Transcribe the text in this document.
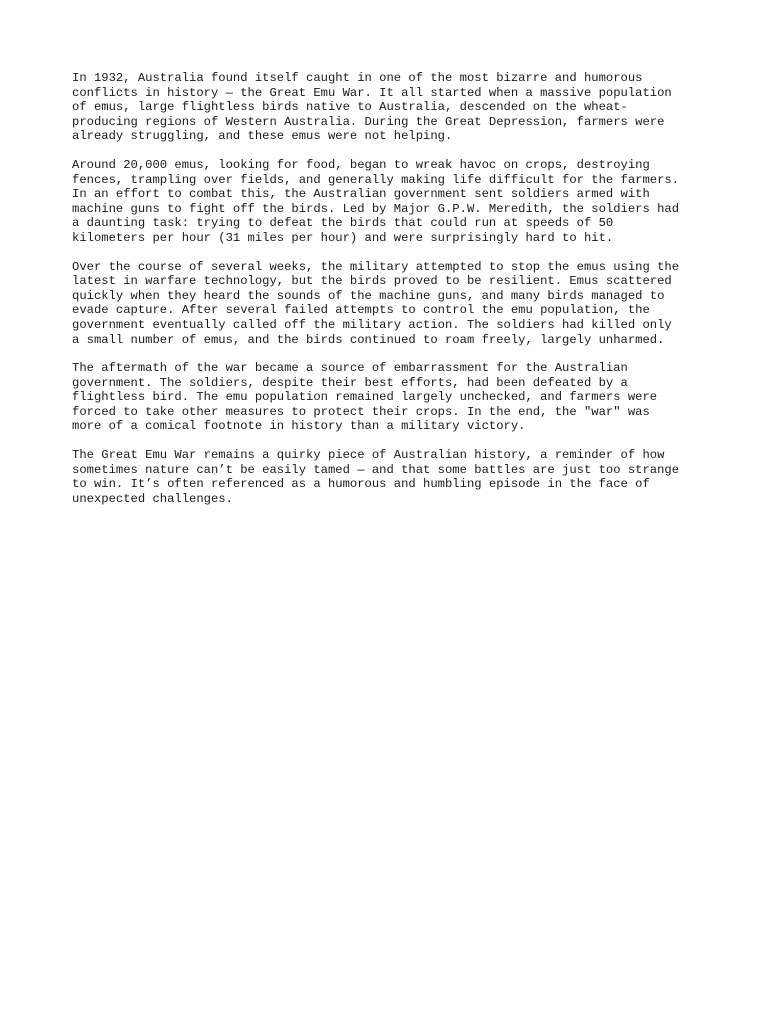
In 1932, Australia found itself caught in one of the most bizarre and humorous
conflicts in history — the Great Emu War. It all started when a massive population
of emus, large flightless birds native to Australia, descended on the wheat-
producing regions of Western Australia. During the Great Depression, farmers were
already struggling, and these emus were not helping.

Around 20,000 emus, looking for food, began to wreak havoc on crops, destroying
fences, trampling over fields, and generally making life difficult for the farmers.
In an effort to combat this, the Australian government sent soldiers armed with
machine guns to fight off the birds. Led by Major G.P.W. Meredith, the soldiers had
a daunting task: trying to defeat the birds that could run at speeds of 50
kilometers per hour (31 miles per hour) and were surprisingly hard to hit.

Over the course of several weeks, the military attempted to stop the emus using the
latest in warfare technology, but the birds proved to be resilient. Emus scattered
quickly when they heard the sounds of the machine guns, and many birds managed to
evade capture. After several failed attempts to control the emu population, the
government eventually called off the military action. The soldiers had killed only
a small number of emus, and the birds continued to roam freely, largely unharmed.

The aftermath of the war became a source of embarrassment for the Australian
government. The soldiers, despite their best efforts, had been defeated by a
flightless bird. The emu population remained largely unchecked, and farmers were
forced to take other measures to protect their crops. In the end, the "war" was
more of a comical footnote in history than a military victory.

The Great Emu War remains a quirky piece of Australian history, a reminder of how
sometimes nature can’t be easily tamed — and that some battles are just too strange
to win. It’s often referenced as a humorous and humbling episode in the face of
unexpected challenges.
